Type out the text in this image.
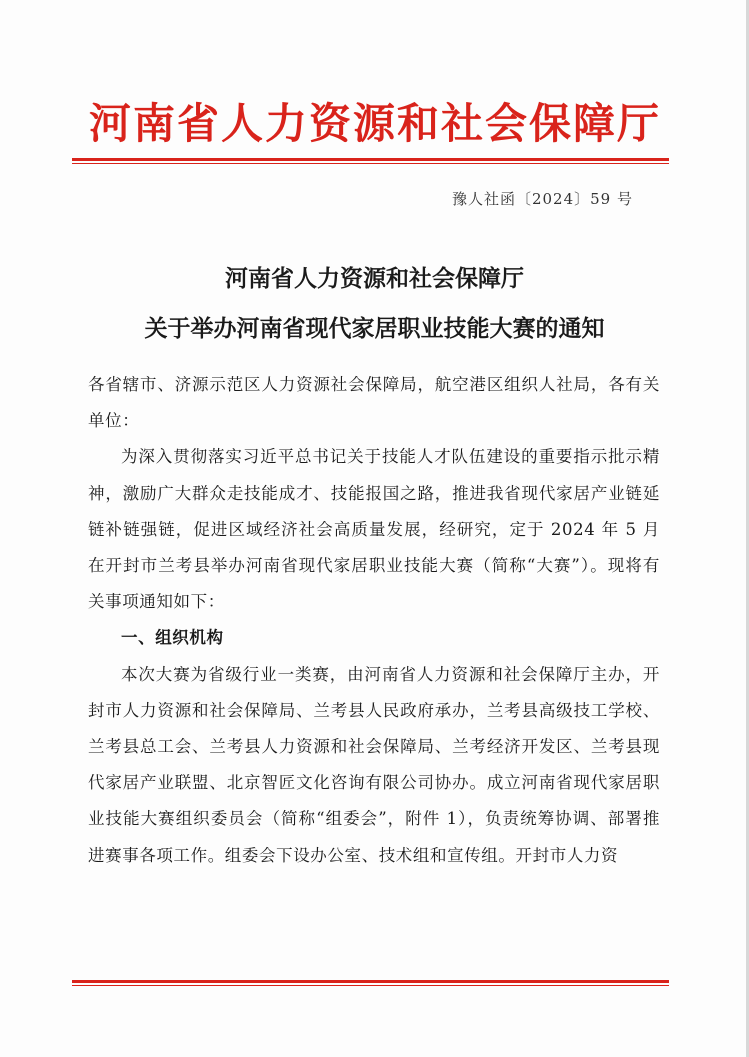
河南省人力资源和社会保障厅
豫人社函〔2024〕59 号
河南省人力资源和社会保障厅
关于举办河南省现代家居职业技能大赛的通知

各省辖市、济源示范区人力资源社会保障局，航空港区组织人社局，各有关单位：

为深入贯彻落实习近平总书记关于技能人才队伍建设的重要指示批示精神，激励广大群众走技能成才、技能报国之路，推进我省现代家居产业链延链补链强链，促进区域经济社会高质量发展，经研究，定于 2024 年 5 月在开封市兰考县举办河南省现代家居职业技能大赛（简称“大赛”）。现将有关事项通知如下：

一、组织机构

本次大赛为省级行业一类赛，由河南省人力资源和社会保障厅主办，开封市人力资源和社会保障局、兰考县人民政府承办，兰考县高级技工学校、兰考县总工会、兰考县人力资源和社会保障局、兰考经济开发区、兰考县现代家居产业联盟、北京智匠文化咨询有限公司协办。成立河南省现代家居职业技能大赛组织委员会（简称“组委会”，附件 1），负责统筹协调、部署推进赛事各项工作。组委会下设办公室、技术组和宣传组。开封市人力资
